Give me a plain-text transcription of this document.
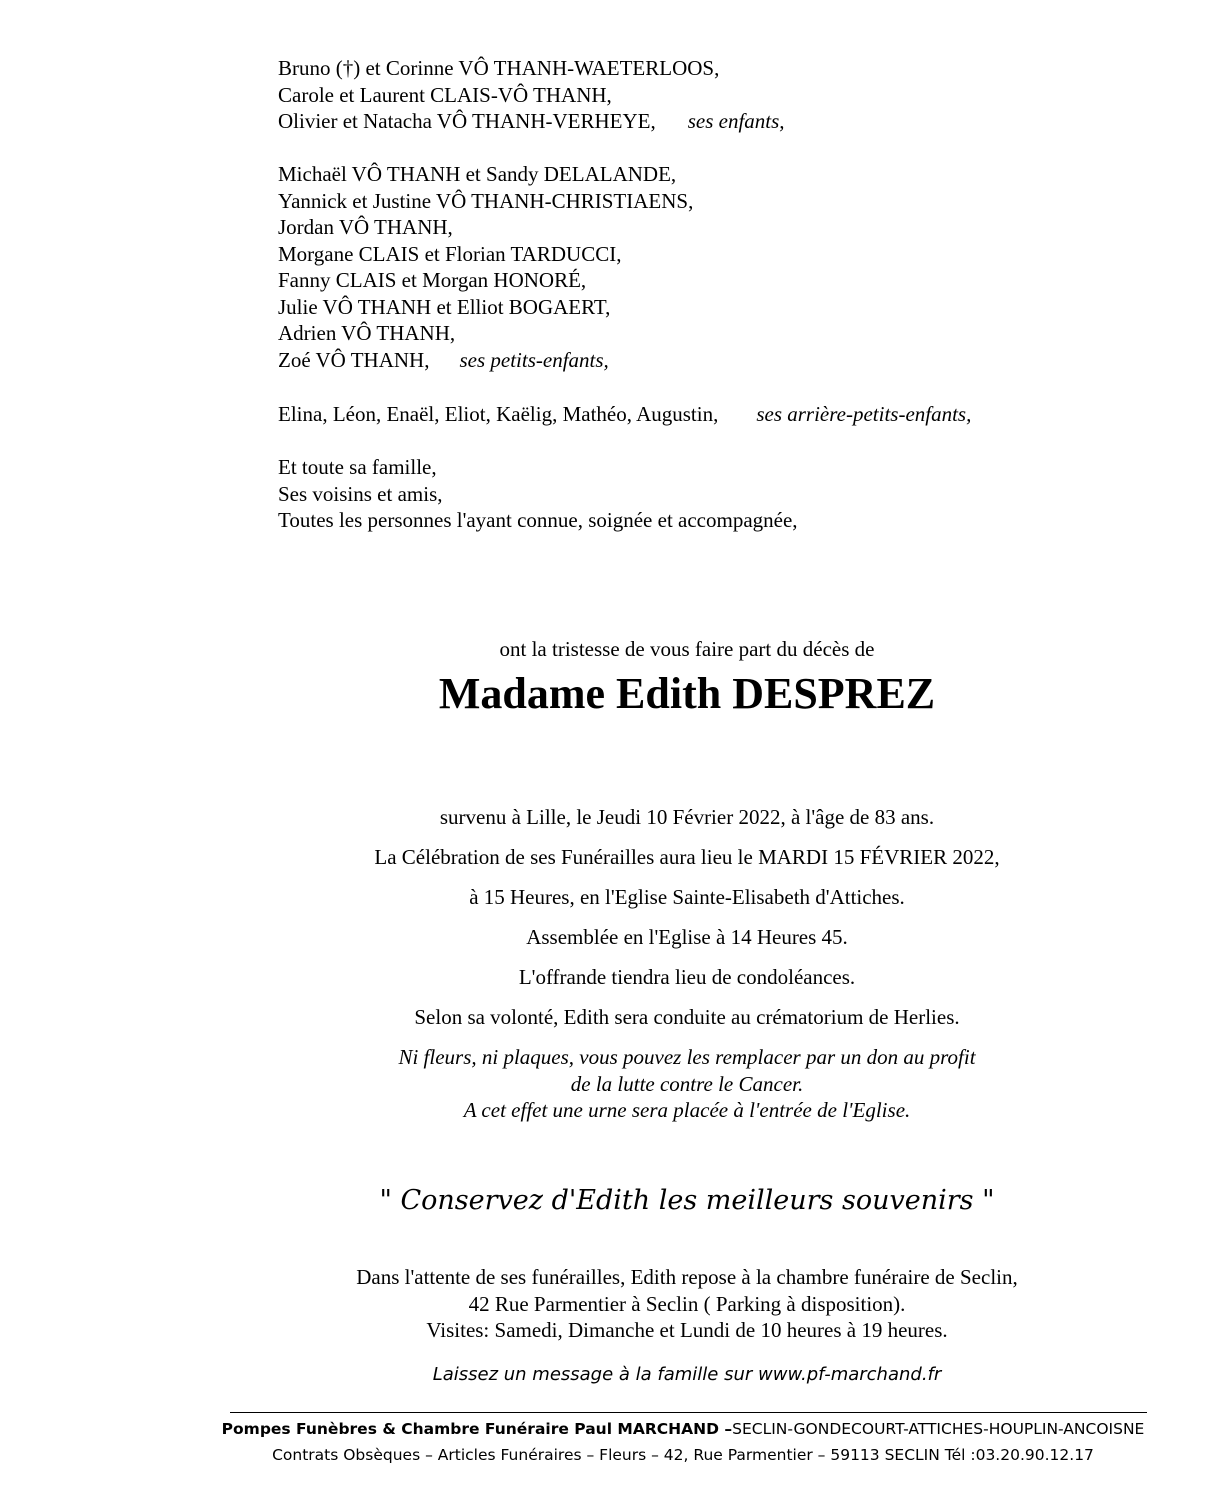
Bruno (†) et Corinne VÔ THANH-WAETERLOOS,
Carole et Laurent CLAIS-VÔ THANH,
Olivier et Natacha VÔ THANH-VERHEYE, ses enfants,
Michaël VÔ THANH et Sandy DELALANDE,
Yannick et Justine VÔ THANH-CHRISTIAENS,
Jordan VÔ THANH,
Morgane CLAIS et Florian TARDUCCI,
Fanny CLAIS et Morgan HONORÉ,
Julie VÔ THANH et Elliot BOGAERT,
Adrien VÔ THANH,
Zoé VÔ THANH, ses petits-enfants,
Elina, Léon, Enaël, Eliot, Kaëlig, Mathéo, Augustin, ses arrière-petits-enfants,
Et toute sa famille,
Ses voisins et amis,
Toutes les personnes l'ayant connue, soignée et accompagnée,
ont la tristesse de vous faire part du décès de
Madame Edith DESPREZ
survenu à Lille, le Jeudi 10 Février 2022, à l'âge de 83 ans.
La Célébration de ses Funérailles aura lieu le MARDI 15 FÉVRIER 2022,
à 15 Heures, en l'Eglise Sainte-Elisabeth d'Attiches.
Assemblée en l'Eglise à 14 Heures 45.
L'offrande tiendra lieu de condoléances.
Selon sa volonté, Edith sera conduite au crématorium de Herlies.
Ni fleurs, ni plaques, vous pouvez les remplacer par un don au profit
de la lutte contre le Cancer.
A cet effet une urne sera placée à l'entrée de l'Eglise.
" Conservez d'Edith les meilleurs souvenirs "
Dans l'attente de ses funérailles, Edith repose à la chambre funéraire de Seclin,
42 Rue Parmentier à Seclin ( Parking à disposition).
Visites: Samedi, Dimanche et Lundi de 10 heures à 19 heures.
Laissez un message à la famille sur www.pf-marchand.fr
Pompes Funèbres & Chambre Funéraire Paul MARCHAND –SECLIN-GONDECOURT-ATTICHES-HOUPLIN-ANCOISNE
Contrats Obsèques – Articles Funéraires – Fleurs – 42, Rue Parmentier – 59113 SECLIN Tél :03.20.90.12.17
